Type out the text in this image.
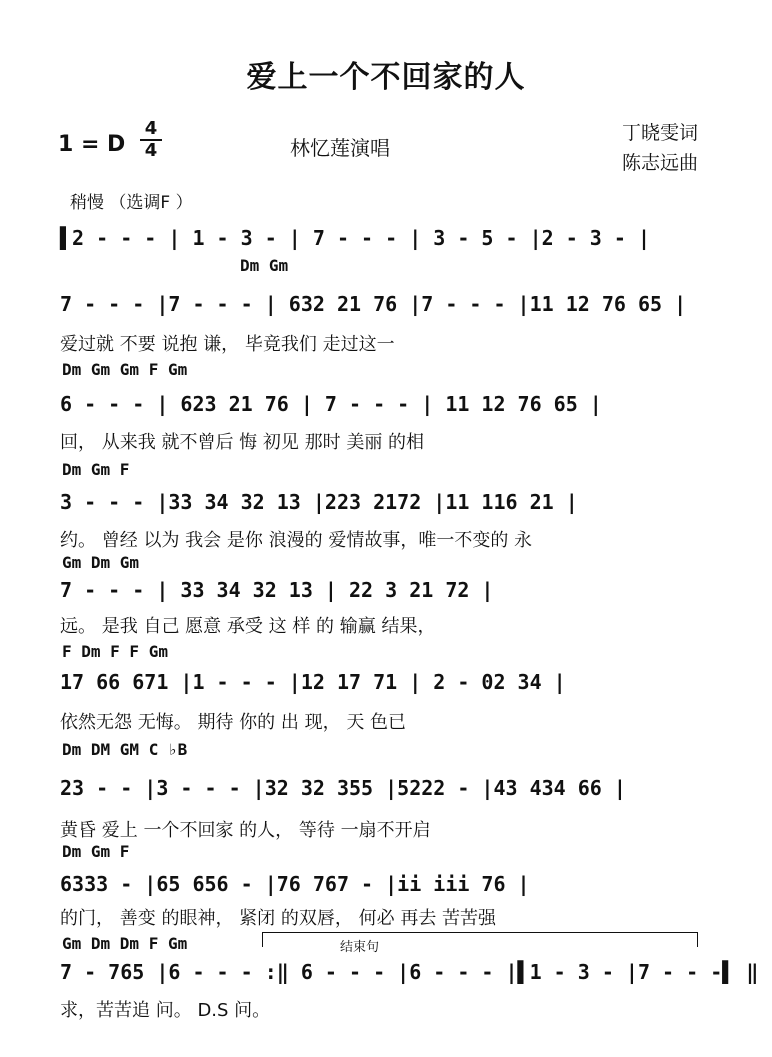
爱上一个不回家的人
1 = D
4
4	林忆莲演唱
丁晓雯词
陈志远曲
稍慢 （选调F ）
▌2 - - - | 1 - 3 - | 7 - - - | 3 - 5 - |2 - 3 - |
Dm Gm
7 - - - |7 - - - | 632 21 76 |7 - - - |11 12 76 65 |
爱过就 不要 说抱 谦， 毕竟我们 走过这一
Dm Gm Gm F Gm
6 - - - | 623 21 76 | 7 - - - | 11 12 76 65 |
回， 从来我 就不曾后 悔 初见 那时 美丽 的相
Dm Gm F
3 - - - |33 34 32 13 |223 2172 |11 116 21 |
约。 曾经 以为 我会 是你 浪漫的 爱情故事，唯一不变的 永
Gm Dm Gm
7 - - - | 33 34 32 13 | 22 3 21 72 |
远。 是我 自己 愿意 承受 这 样 的 输赢 结果，
F Dm F F Gm
17 66 671 |1 - - - |12 17 71 | 2 - 02 34 |
依然无怨 无悔。 期待 你的 出 现， 天 色已
Dm DM GM C ♭B
23 - - |3 - - - |32 32 355 |5222 - |43 434 66 |
黄昏 爱上 一个不回家 的人， 等待 一扇不开启
Dm Gm F
6333 - |65 656 - |76 767 - |ii iii 76 |
的门， 善变 的眼神， 紧闭 的双唇， 何必 再去 苦苦强
结束句
Gm Dm Dm F Gm
7 - 765 |6 - - - :‖ 6 - - - |6 - - - |▌1 - 3 - |7 - - -▌ ‖
求，苦苦追 问。 D.S 问。
